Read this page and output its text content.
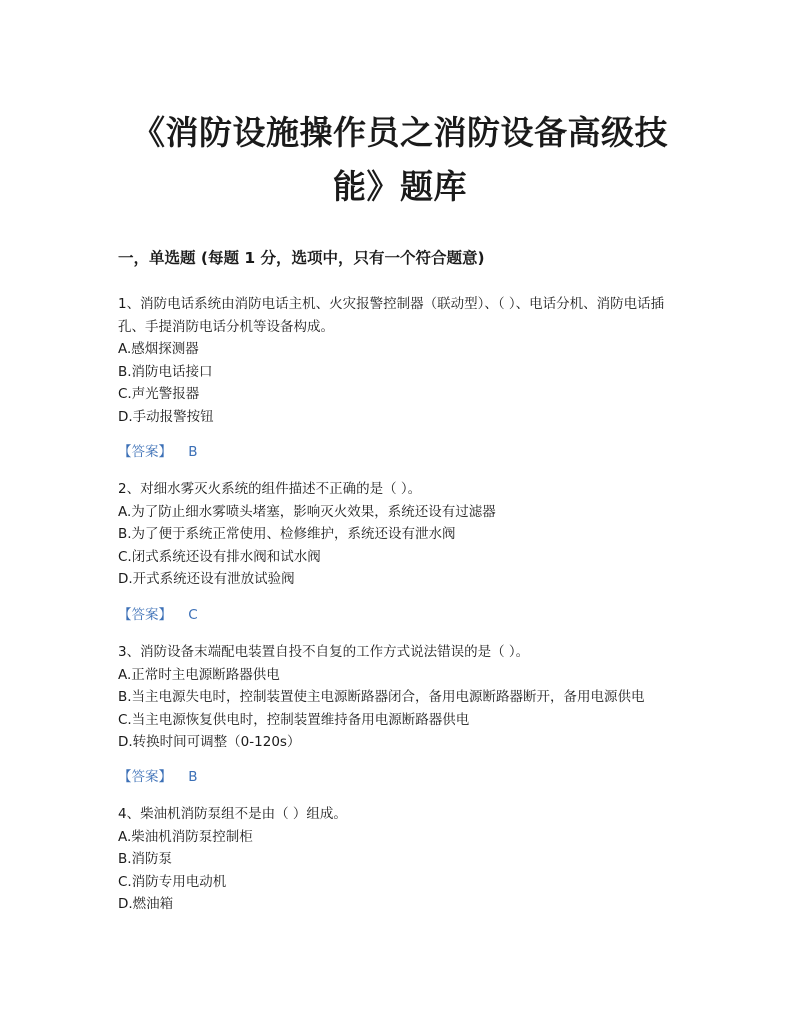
《消防设施操作员之消防设备高级技能》题库
一，单选题 (每题 1 分，选项中，只有一个符合题意)

1、消防电话系统由消防电话主机、火灾报警控制器（联动型）、（ ）、电话分机、消防电话插孔、手提消防电话分机等设备构成。

A.感烟探测器

B.消防电话接口

C.声光警报器

D.手动报警按钮

【答案】 B

2、对细水雾灭火系统的组件描述不正确的是（ ）。

A.为了防止细水雾喷头堵塞，影响灭火效果，系统还设有过滤器

B.为了便于系统正常使用、检修维护，系统还设有泄水阀

C.闭式系统还设有排水阀和试水阀

D.开式系统还设有泄放试验阀

【答案】 C

3、消防设备末端配电装置自投不自复的工作方式说法错误的是（ ）。

A.正常时主电源断路器供电

B.当主电源失电时，控制装置使主电源断路器闭合，备用电源断路器断开，备用电源供电

C.当主电源恢复供电时，控制装置维持备用电源断路器供电

D.转换时间可调整（0-120s）

【答案】 B

4、柴油机消防泵组不是由（ ）组成。

A.柴油机消防泵控制柜

B.消防泵

C.消防专用电动机

D.燃油箱
